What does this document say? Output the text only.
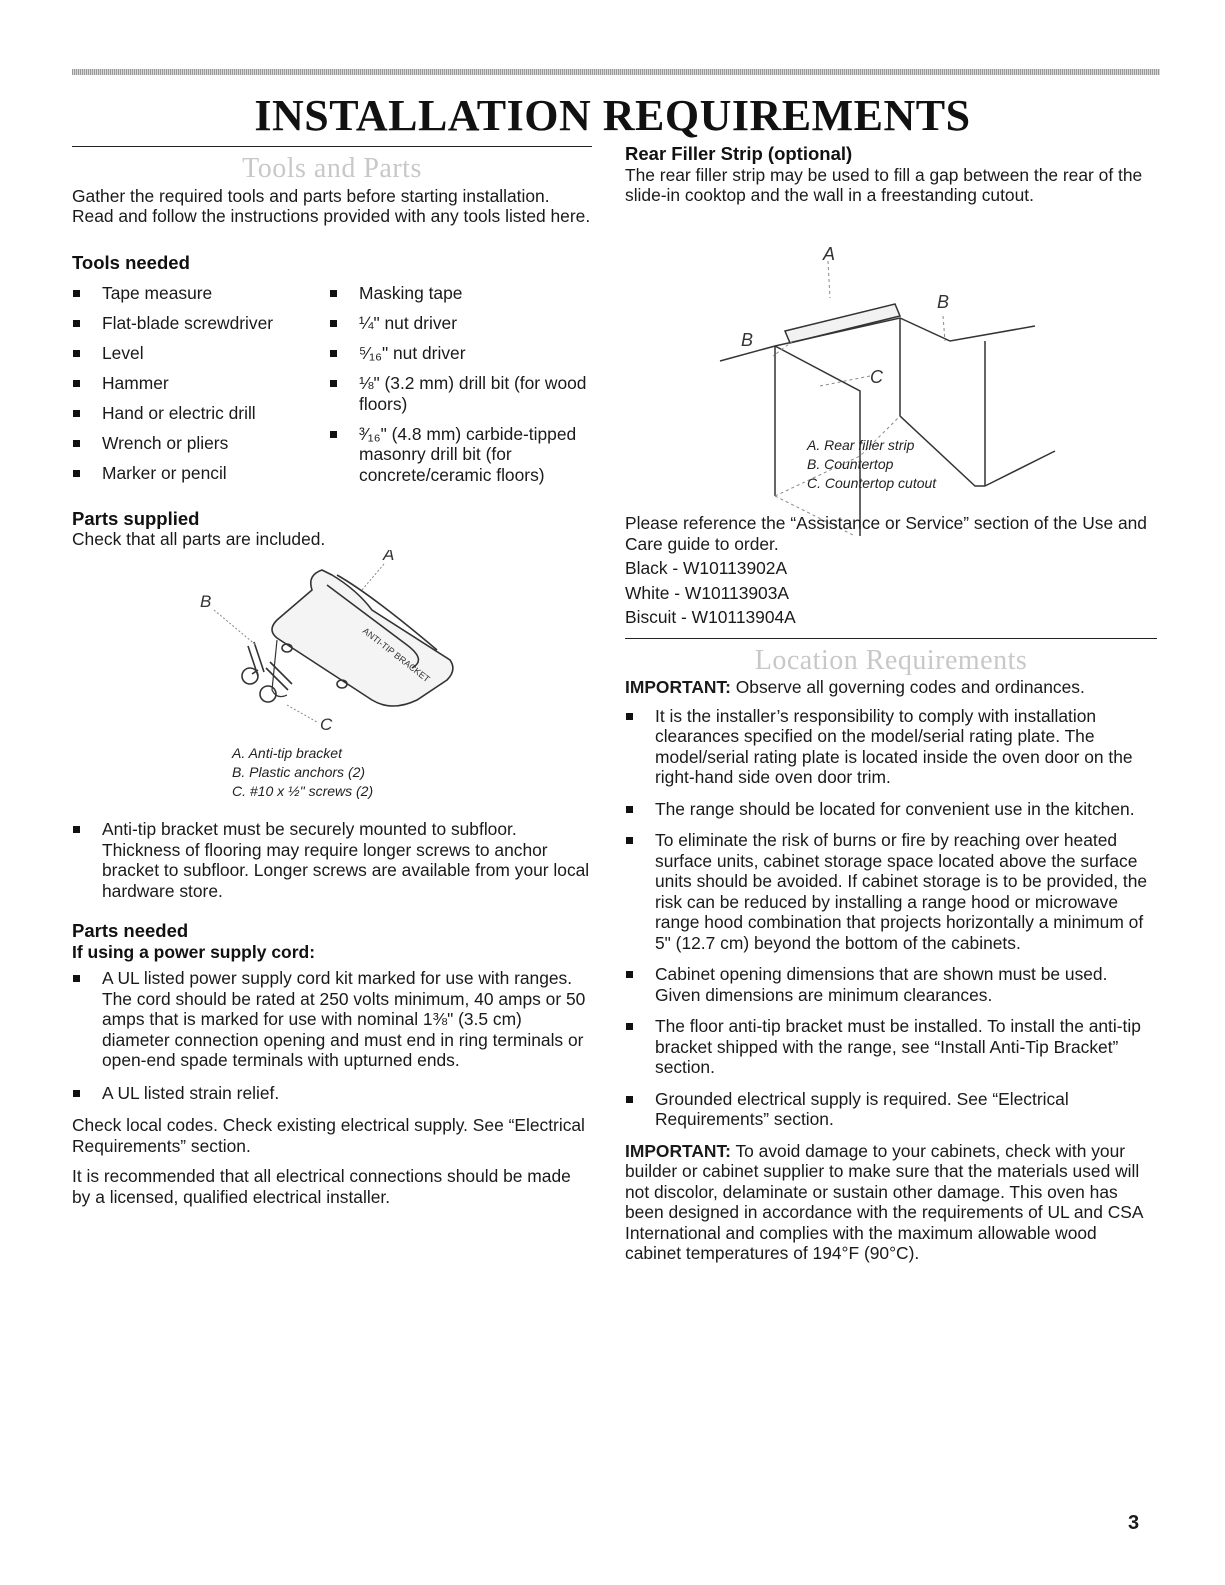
INSTALLATION REQUIREMENTS
Tools and Parts

Gather the required tools and parts before starting installation. Read and follow the instructions provided with any tools listed here.

Tools needed
Tape measure
Flat-blade screwdriver
Level
Hammer
Hand or electric drill
Wrench or pliers
Marker or pencil
Masking tape
¼" nut driver
⁵⁄₁₆" nut driver
⅛" (3.2 mm) drill bit (for wood floors)
³⁄₁₆" (4.8 mm) carbide-tipped masonry drill bit (for concrete/ceramic floors)
Parts supplied

Check that all parts are included.

ANTI-TIP BRACKET
A
B
C
A. Anti-tip bracket
B. Plastic anchors (2)
C. #10 x ½" screws (2)
Anti-tip bracket must be securely mounted to subfloor. Thickness of flooring may require longer screws to anchor bracket to subfloor. Longer screws are available from your local hardware store.
Parts needed
If using a power supply cord:
A UL listed power supply cord kit marked for use with ranges. The cord should be rated at 250 volts minimum, 40 amps or 50 amps that is marked for use with nominal 1⅜" (3.5 cm) diameter connection opening and must end in ring terminals or open-end spade terminals with upturned ends.
A UL listed strain relief.

Check local codes. Check existing electrical supply. See “Electrical Requirements” section.

It is recommended that all electrical connections should be made by a licensed, qualified electrical installer.

Rear Filler Strip (optional)

The rear filler strip may be used to fill a gap between the rear of the slide-in cooktop and the wall in a freestanding cutout.

A
B
B
C
A. Rear filler strip
B. Countertop
C. Countertop cutout

Please reference the “Assistance or Service” section of the Use and Care guide to order.

Black - W10113902A

White - W10113903A

Biscuit - W10113904A

Location Requirements

IMPORTANT: Observe all governing codes and ordinances.

It is the installer’s responsibility to comply with installation clearances specified on the model/serial rating plate. The model/serial rating plate is located inside the oven door on the right-hand side oven door trim.
The range should be located for convenient use in the kitchen.
To eliminate the risk of burns or fire by reaching over heated surface units, cabinet storage space located above the surface units should be avoided. If cabinet storage is to be provided, the risk can be reduced by installing a range hood or microwave range hood combination that projects horizontally a minimum of 5" (12.7 cm) beyond the bottom of the cabinets.
Cabinet opening dimensions that are shown must be used. Given dimensions are minimum clearances.
The floor anti-tip bracket must be installed. To install the anti-tip bracket shipped with the range, see “Install Anti-Tip Bracket” section.
Grounded electrical supply is required. See “Electrical Requirements” section.

IMPORTANT: To avoid damage to your cabinets, check with your builder or cabinet supplier to make sure that the materials used will not discolor, delaminate or sustain other damage. This oven has been designed in accordance with the requirements of UL and CSA International and complies with the maximum allowable wood cabinet temperatures of 194°F (90°C).

3
